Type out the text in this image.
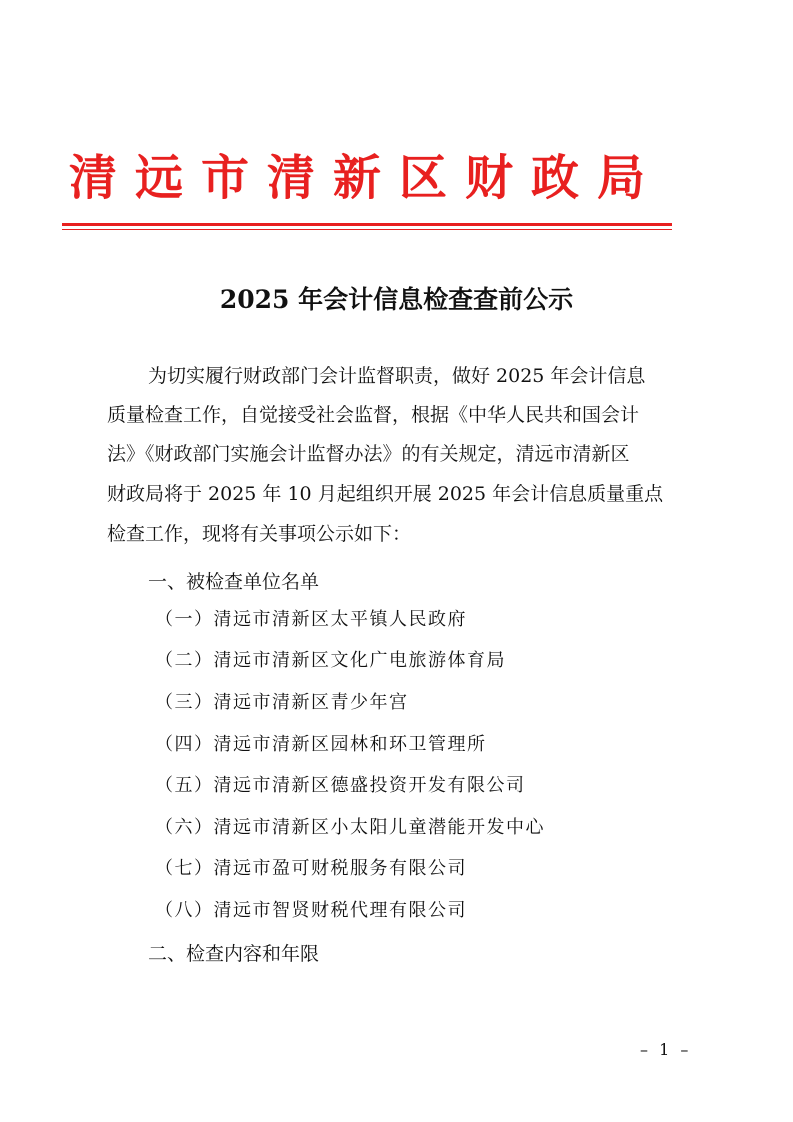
清远市清新区财政局
2025 年会计信息检查查前公示
为切实履行财政部门会计监督职责，做好 2025 年会计信息
质量检查工作，自觉接受社会监督，根据《中华人民共和国会计
法》《财政部门实施会计监督办法》的有关规定，清远市清新区
财政局将于 2025 年 10 月起组织开展 2025 年会计信息质量重点
检查工作，现将有关事项公示如下：
一、被检查单位名单
（一）清远市清新区太平镇人民政府
（二）清远市清新区文化广电旅游体育局
（三）清远市清新区青少年宫
（四）清远市清新区园林和环卫管理所
（五）清远市清新区德盛投资开发有限公司
（六）清远市清新区小太阳儿童潜能开发中心
（七）清远市盈可财税服务有限公司
（八）清远市智贤财税代理有限公司
二、检查内容和年限
– 1 –
